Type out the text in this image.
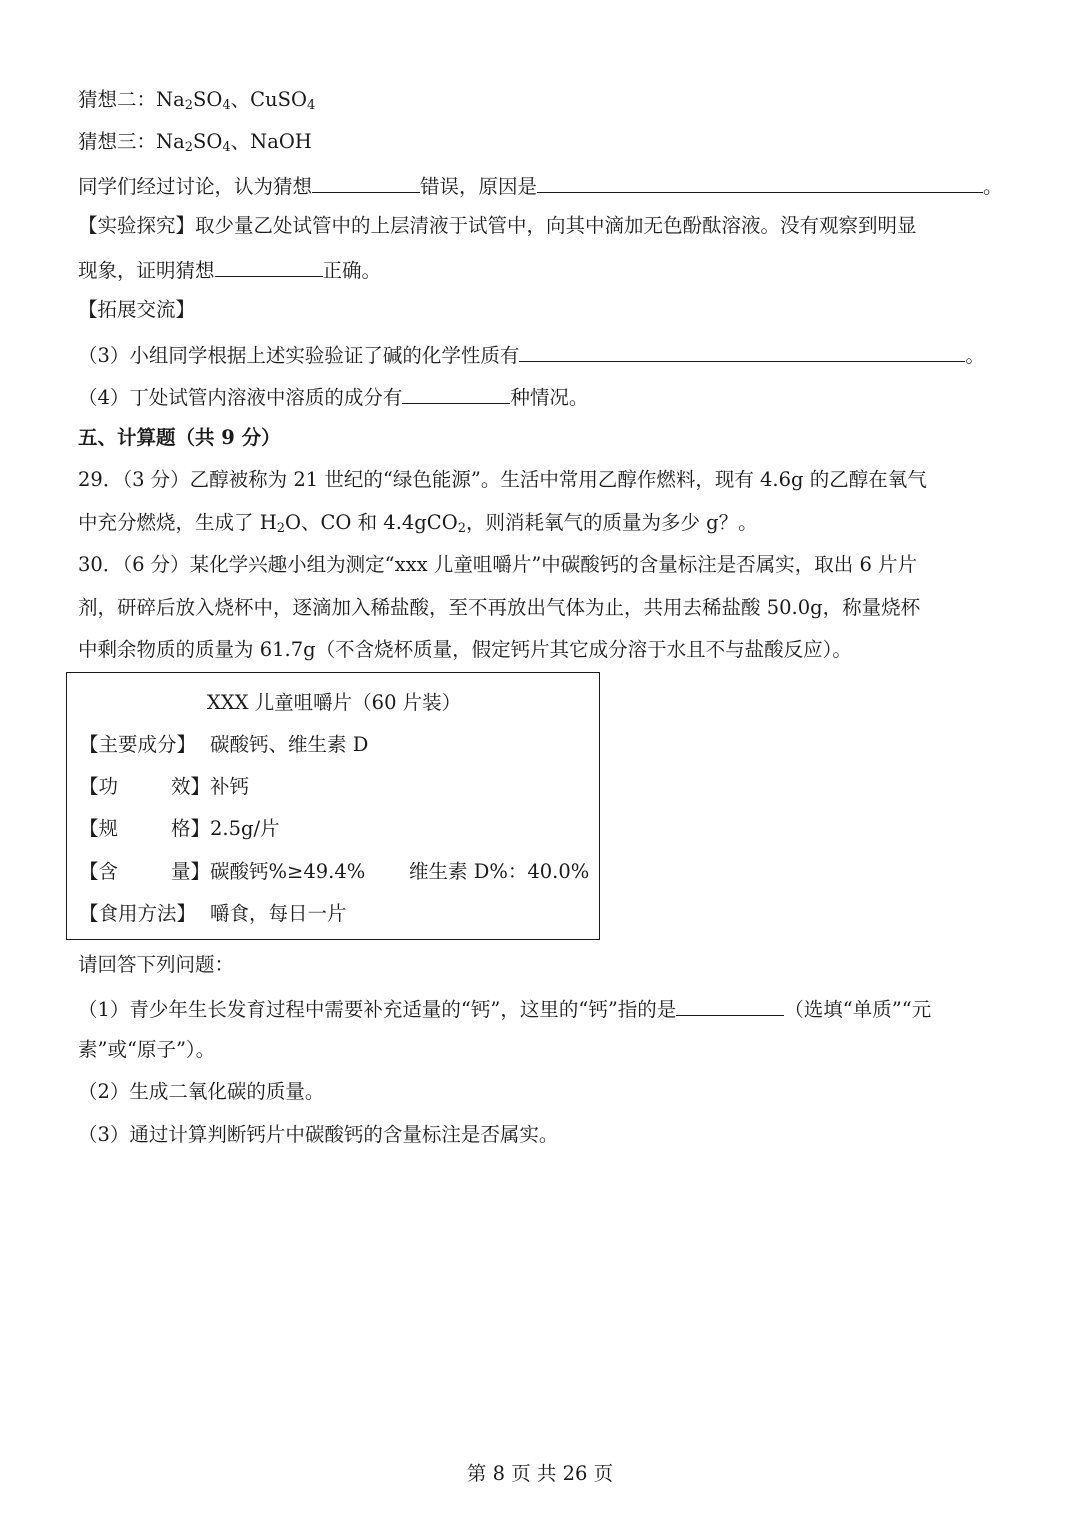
猜想二：$Na_2SO_4$、CuSO$_4$
猜想三：$Na_2SO_4$、NaOH
同学们经过讨论，认为猜想	错误，原因是	。
【实验探究】取少量乙处试管中的上层清液于试管中，向其中滴加无色酚酞溶液。没有观察到明显
现象，证明猜想	正确。
【拓展交流】
（3）小组同学根据上述实验验证了碱的化学性质有	。
（4）丁处试管内溶液中溶质的成分有	种情况。
五、计算题（共 9 分）
29．（3 分）乙醇被称为 21 世纪的“绿色能源”。生活中常用乙醇作燃料，现有 4.6g 的乙醇在氧气
中充分燃烧，生成了 $H_2O$、CO 和 4.4gCO$_2$，则消耗氧气的质量为多少 g？。
30．（6 分）某化学兴趣小组为测定“xxx 儿童咀嚼片”中碳酸钙的含量标注是否属实，取出 6 片片
剂，研碎后放入烧杯中，逐滴加入稀盐酸，至不再放出气体为止，共用去稀盐酸 50.0g，称量烧杯
中剩余物质的质量为 61.7g（不含烧杯质量，假定钙片其它成分溶于水且不与盐酸反应）。
XXX 儿童咀嚼片（60 片装）
【主要成分】 碳酸钙、维生素 D
【功	效】 补钙
【规	格】 2.5g/片
【含	量】 碳酸钙%≥49.4% 维生素 D%：40.0%
【食用方法】 嚼食，每日一片
请回答下列问题：
（1）青少年生长发育过程中需要补充适量的“钙”，这里的“钙”指的是	（选填“单质”“元
素”或“原子”）。
（2）生成二氧化碳的质量。
（3）通过计算判断钙片中碳酸钙的含量标注是否属实。
第 8 页 共 26 页
